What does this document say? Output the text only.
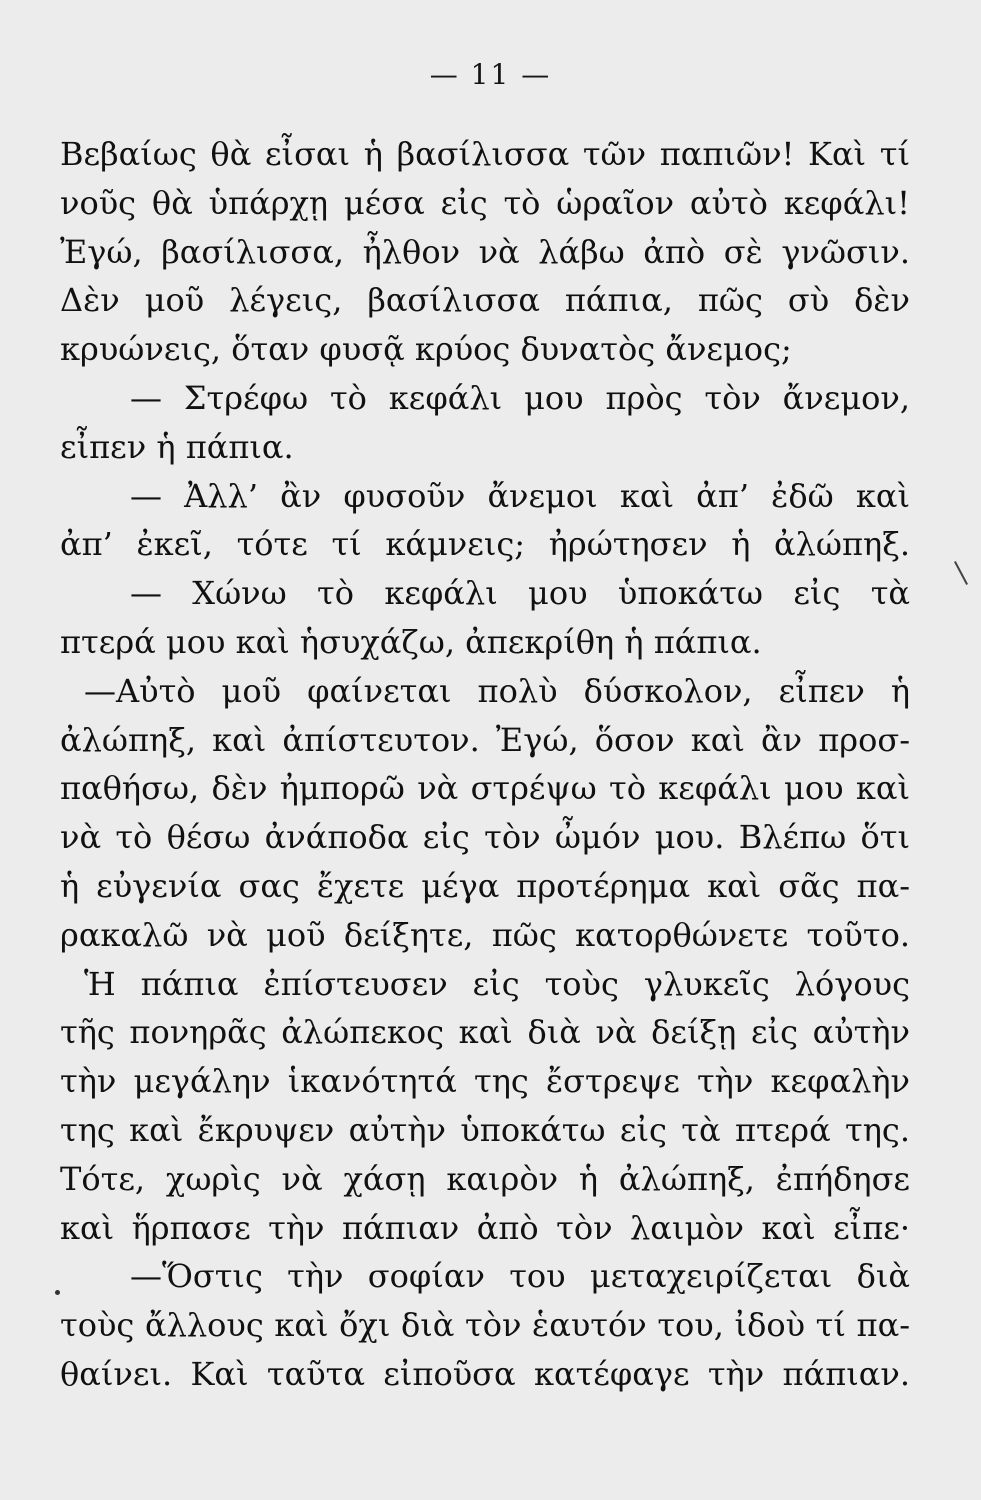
— 11 —
Βεβαίως θὰ εἶσαι ἡ βασίλισσα τῶν παπιῶν! Καὶ τί
νοῦς θὰ ὑπάρχῃ μέσα εἰς τὸ ὡραῖον αὐτὸ κεφάλι!
Ἐγώ, βασίλισσα, ἦλθον νὰ λάβω ἀπὸ σὲ γνῶσιν.
Δὲν μοῦ λέγεις, βασίλισσα πάπια, πῶς σὺ δὲν
κρυώνεις, ὅταν φυσᾷ κρύος δυνατὸς ἄνεμος;
— Στρέφω τὸ κεφάλι μου πρὸς τὸν ἄνεμον,
εἶπεν ἡ πάπια.
— Ἀλλ’ ἂν φυσοῦν ἄνεμοι καὶ ἀπ’ ἐδῶ καὶ
ἀπ’ ἐκεῖ, τότε τί κάμνεις; ἠρώτησεν ἡ ἀλώπηξ.
— Χώνω τὸ κεφάλι μου ὑποκάτω εἰς τὰ
πτερά μου καὶ ἡσυχάζω, ἀπεκρίθη ἡ πάπια.
—Αὐτὸ μοῦ φαίνεται πολὺ δύσκολον, εἶπεν ἡ
ἀλώπηξ, καὶ ἀπίστευτον. Ἐγώ, ὅσον καὶ ἂν προσ-
παθήσω, δὲν ἠμπορῶ νὰ στρέψω τὸ κεφάλι μου καὶ
νὰ τὸ θέσω ἀνάποδα εἰς τὸν ὦμόν μου. Βλέπω ὅτι
ἡ εὐγενία σας ἔχετε μέγα προτέρημα καὶ σᾶς πα-
ρακαλῶ νὰ μοῦ δείξητε, πῶς κατορθώνετε τοῦτο.
Ἡ πάπια ἐπίστευσεν εἰς τοὺς γλυκεῖς λόγους
τῆς πονηρᾶς ἀλώπεκος καὶ διὰ νὰ δείξῃ εἰς αὐτὴν
τὴν μεγάλην ἱκανότητά της ἔστρεψε τὴν κεφαλὴν
της καὶ ἔκρυψεν αὐτὴν ὑποκάτω εἰς τὰ πτερά της.
Τότε, χωρὶς νὰ χάσῃ καιρὸν ἡ ἀλώπηξ, ἐπήδησε
καὶ ἥρπασε τὴν πάπιαν ἀπὸ τὸν λαιμὸν καὶ εἶπε·
—Ὅστις τὴν σοφίαν του μεταχειρίζεται διὰ
τοὺς ἄλλους καὶ ὄχι διὰ τὸν ἑαυτόν του, ἰδοὺ τί πα-
θαίνει. Καὶ ταῦτα εἰποῦσα κατέφαγε τὴν πάπιαν.
